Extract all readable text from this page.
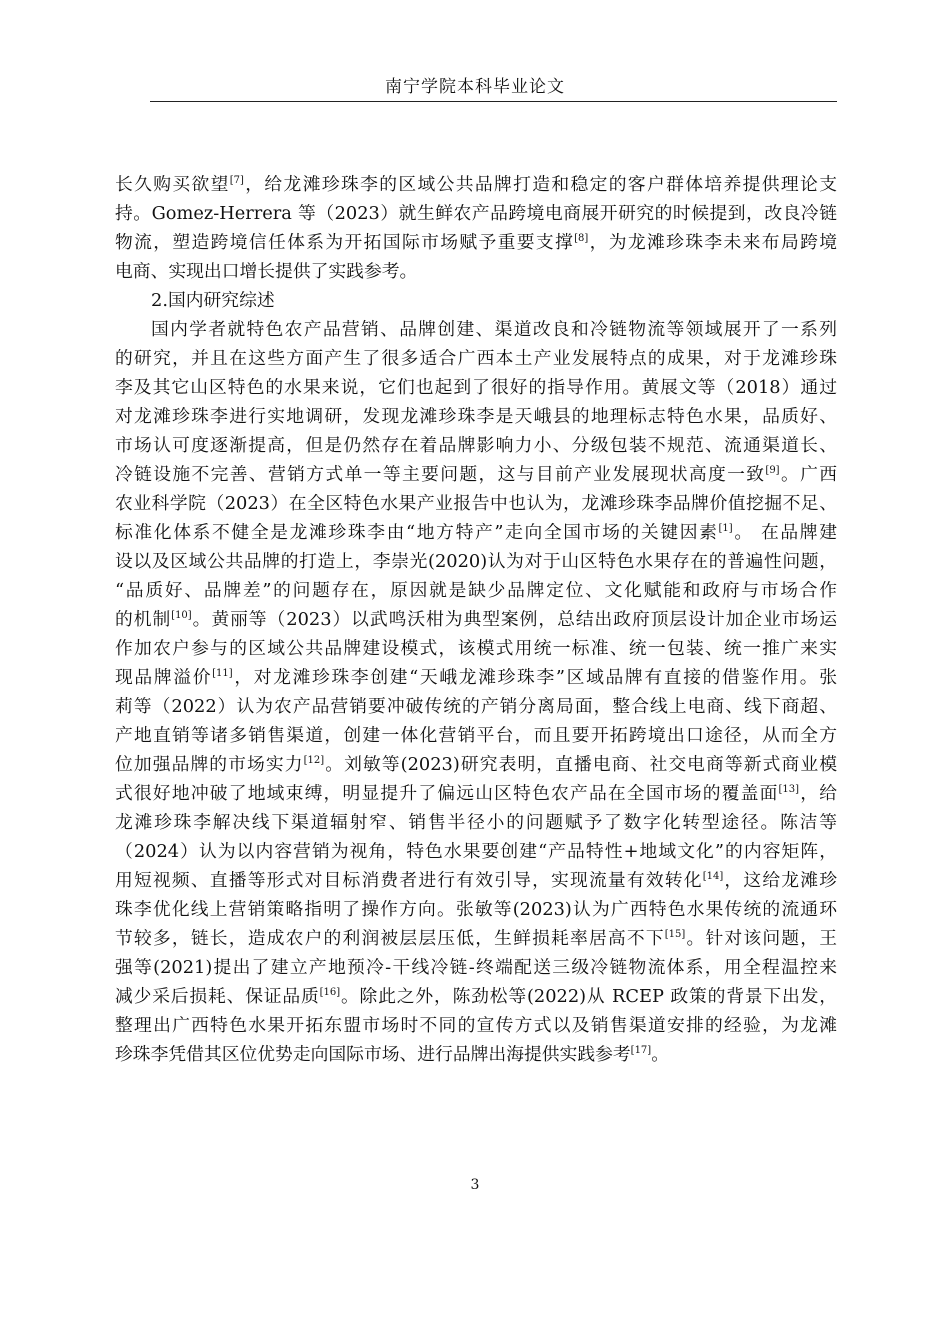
南宁学院本科毕业论文
长久购买欲望[7]，给龙滩珍珠李的区域公共品牌打造和稳定的客户群体培养提供理论支
持。Gomez-Herrera 等（2023）就生鲜农产品跨境电商展开研究的时候提到，改良冷链
物流，塑造跨境信任体系为开拓国际市场赋予重要支撑[8]，为龙滩珍珠李未来布局跨境
电商、实现出口增长提供了实践参考。
2.国内研究综述
国内学者就特色农产品营销、品牌创建、渠道改良和冷链物流等领域展开了一系列
的研究，并且在这些方面产生了很多适合广西本土产业发展特点的成果，对于龙滩珍珠
李及其它山区特色的水果来说，它们也起到了很好的指导作用。黄展文等（2018）通过
对龙滩珍珠李进行实地调研，发现龙滩珍珠李是天峨县的地理标志特色水果，品质好、
市场认可度逐渐提高，但是仍然存在着品牌影响力小、分级包装不规范、流通渠道长、
冷链设施不完善、营销方式单一等主要问题，这与目前产业发展现状高度一致[9]。广西
农业科学院（2023）在全区特色水果产业报告中也认为，龙滩珍珠李品牌价值挖掘不足、
标准化体系不健全是龙滩珍珠李由“地方特产”走向全国市场的关键因素[1]。 在品牌建
设以及区域公共品牌的打造上，李崇光(2020)认为对于山区特色水果存在的普遍性问题，
“品质好、品牌差”的问题存在，原因就是缺少品牌定位、文化赋能和政府与市场合作
的机制[10]。黄丽等（2023）以武鸣沃柑为典型案例，总结出政府顶层设计加企业市场运
作加农户参与的区域公共品牌建设模式，该模式用统一标准、统一包装、统一推广来实
现品牌溢价[11]，对龙滩珍珠李创建“天峨龙滩珍珠李”区域品牌有直接的借鉴作用。张
莉等（2022）认为农产品营销要冲破传统的产销分离局面，整合线上电商、线下商超、
产地直销等诸多销售渠道，创建一体化营销平台，而且要开拓跨境出口途径，从而全方
位加强品牌的市场实力[12]。刘敏等(2023)研究表明，直播电商、社交电商等新式商业模
式很好地冲破了地域束缚，明显提升了偏远山区特色农产品在全国市场的覆盖面[13]，给
龙滩珍珠李解决线下渠道辐射窄、销售半径小的问题赋予了数字化转型途径。陈洁等
（2024）认为以内容营销为视角，特色水果要创建“产品特性+地域文化”的内容矩阵，
用短视频、直播等形式对目标消费者进行有效引导，实现流量有效转化[14]，这给龙滩珍
珠李优化线上营销策略指明了操作方向。张敏等(2023)认为广西特色水果传统的流通环
节较多，链长，造成农户的利润被层层压低，生鲜损耗率居高不下[15]。针对该问题，王
强等(2021)提出了建立产地预冷-干线冷链-终端配送三级冷链物流体系，用全程温控来
减少采后损耗、保证品质[16]。除此之外，陈劲松等(2022)从 RCEP 政策的背景下出发，
整理出广西特色水果开拓东盟市场时不同的宣传方式以及销售渠道安排的经验，为龙滩
珍珠李凭借其区位优势走向国际市场、进行品牌出海提供实践参考[17]。
3
